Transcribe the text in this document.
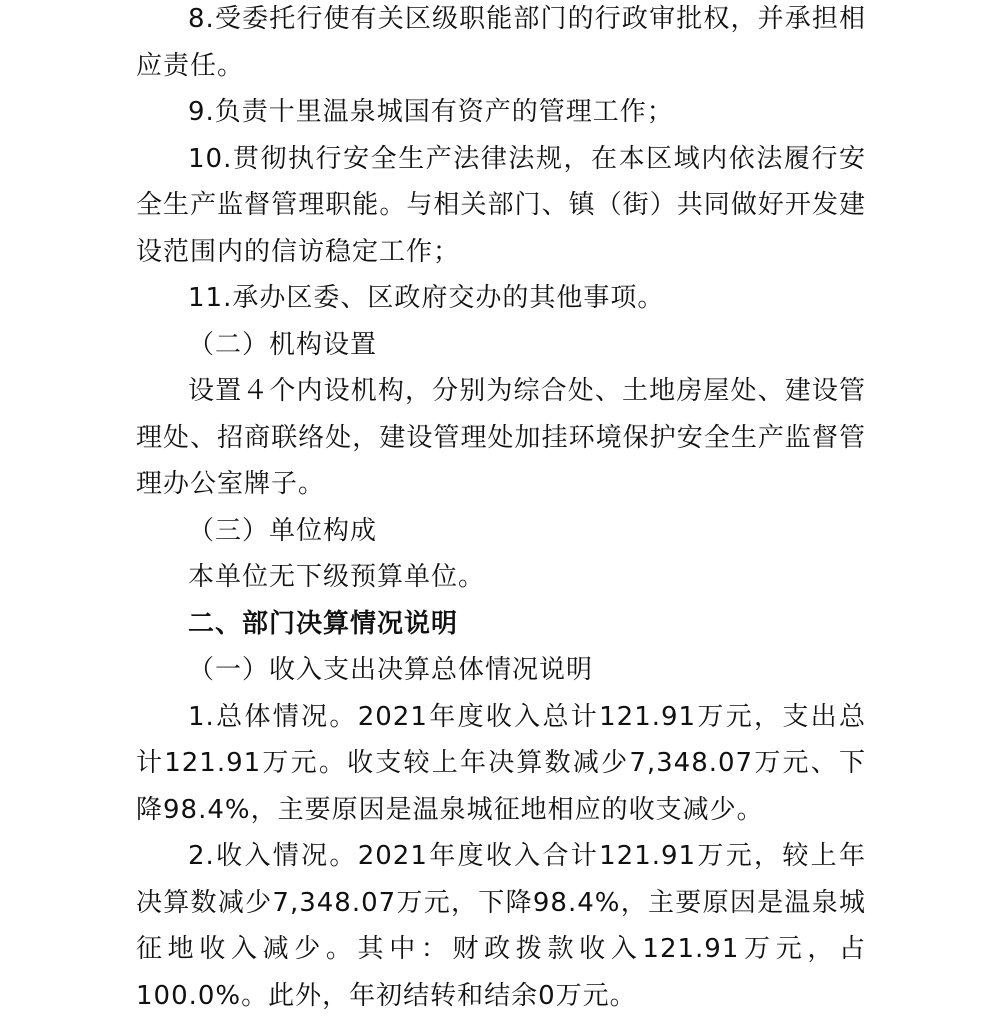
8.受委托行使有关区级职能部门的行政审批权，并承担相应责任。

9.负责十里温泉城国有资产的管理工作；

10.贯彻执行安全生产法律法规，在本区域内依法履行安全生产监督管理职能。与相关部门、镇（街）共同做好开发建设范围内的信访稳定工作；

11.承办区委、区政府交办的其他事项。

（二）机构设置

设置４个内设机构，分别为综合处、土地房屋处、建设管理处、招商联络处，建设管理处加挂环境保护安全生产监督管理办公室牌子。

（三）单位构成

本单位无下级预算单位。

二、部门决算情况说明

（一）收入支出决算总体情况说明

1.总体情况。2021年度收入总计121.91万元，支出总计121.91万元。收支较上年决算数减少7,348.07万元、下降98.4%，主要原因是温泉城征地相应的收支减少。

2.收入情况。2021年度收入合计121.91万元，较上年决算数减少7,348.07万元，下降98.4%，主要原因是温泉城征地收入减少。其中：财政拨款收入121.91万元，占100.0%。此外，年初结转和结余0万元。
